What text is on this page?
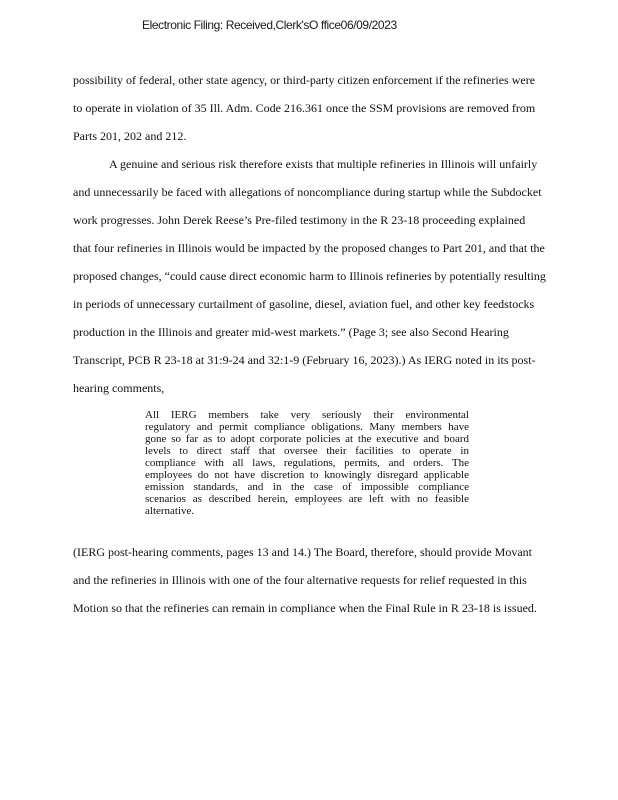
Electronic Filing: Received,Clerk'sO ffice06/09/2023
possibility of federal, other state agency, or third-party citizen enforcement if the refineries were
to operate in violation of 35 Ill. Adm. Code 216.361 once the SSM provisions are removed from
Parts 201, 202 and 212.
A genuine and serious risk therefore exists that multiple refineries in Illinois will unfairly
and unnecessarily be faced with allegations of noncompliance during startup while the Subdocket
work progresses. John Derek Reese’s Pre-filed testimony in the R 23-18 proceeding explained
that four refineries in Illinois would be impacted by the proposed changes to Part 201, and that the
proposed changes, “could cause direct economic harm to Illinois refineries by potentially resulting
in periods of unnecessary curtailment of gasoline, diesel, aviation fuel, and other key feedstocks
production in the Illinois and greater mid-west markets.” (Page 3; see also Second Hearing
Transcript, PCB R 23-18 at 31:9-24 and 32:1-9 (February 16, 2023).) As IERG noted in its post-
hearing comments,
All IERG members take very seriously their environmental
regulatory and permit compliance obligations. Many members have
gone so far as to adopt corporate policies at the executive and board
levels to direct staff that oversee their facilities to operate in
compliance with all laws, regulations, permits, and orders. The
employees do not have discretion to knowingly disregard applicable
emission standards, and in the case of impossible compliance
scenarios as described herein, employees are left with no feasible
alternative.
(IERG post-hearing comments, pages 13 and 14.) The Board, therefore, should provide Movant
and the refineries in Illinois with one of the four alternative requests for relief requested in this
Motion so that the refineries can remain in compliance when the Final Rule in R 23-18 is issued.
